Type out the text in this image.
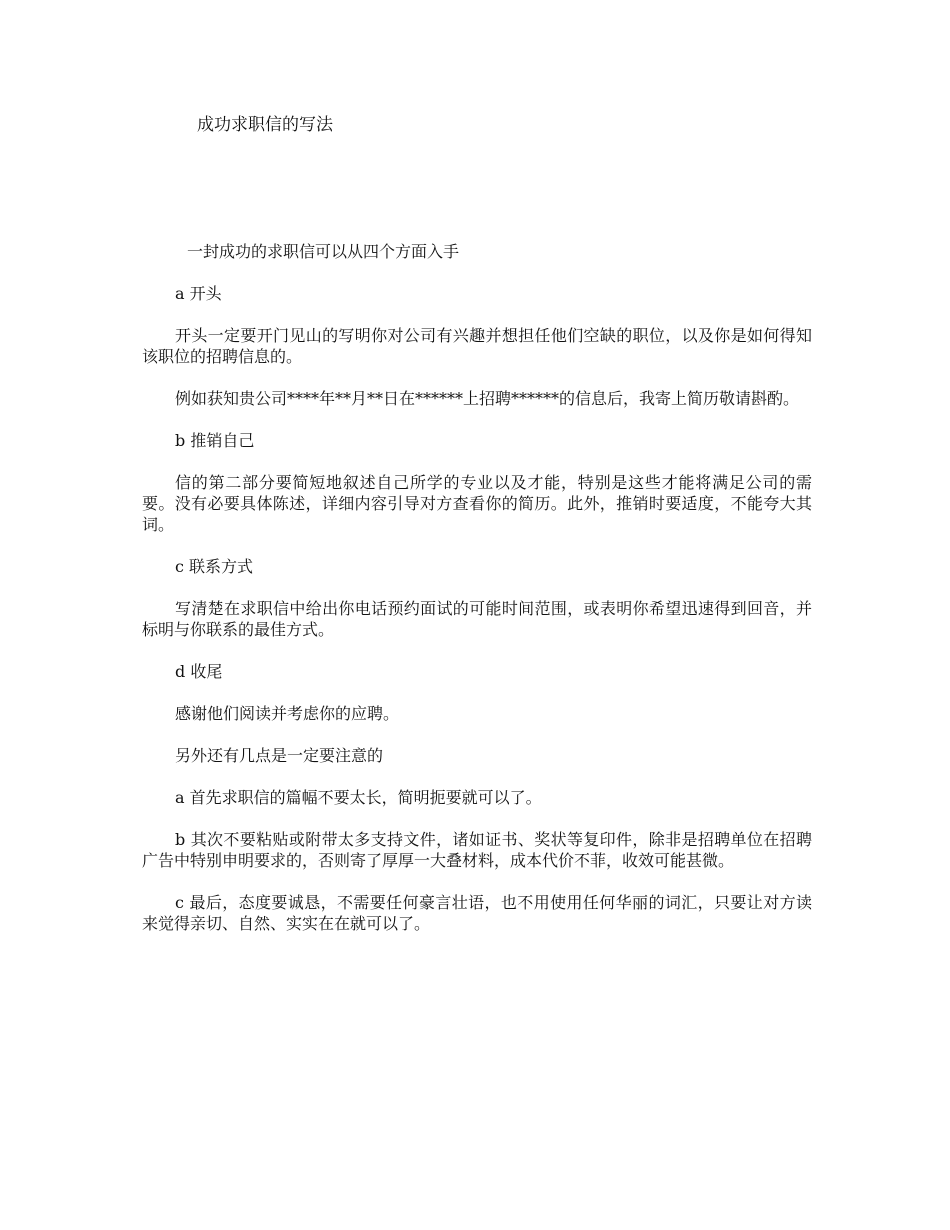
成功求职信的写法

一封成功的求职信可以从四个方面入手

a 开头

开头一定要开门见山的写明你对公司有兴趣并想担任他们空缺的职位，以及你是如何得知该职位的招聘信息的。

例如获知贵公司****年**月**日在******上招聘******的信息后，我寄上简历敬请斟酌。

b 推销自己

信的第二部分要简短地叙述自己所学的专业以及才能，特别是这些才能将满足公司的需要。没有必要具体陈述，详细内容引导对方查看你的简历。此外，推销时要适度，不能夸大其词。

c 联系方式

写清楚在求职信中给出你电话预约面试的可能时间范围，或表明你希望迅速得到回音，并标明与你联系的最佳方式。

d 收尾

感谢他们阅读并考虑你的应聘。

另外还有几点是一定要注意的

a 首先求职信的篇幅不要太长，简明扼要就可以了。

b 其次不要粘贴或附带太多支持文件，诸如证书、奖状等复印件，除非是招聘单位在招聘广告中特别申明要求的，否则寄了厚厚一大叠材料，成本代价不菲，收效可能甚微。

c 最后，态度要诚恳，不需要任何豪言壮语，也不用使用任何华丽的词汇，只要让对方读来觉得亲切、自然、实实在在就可以了。
